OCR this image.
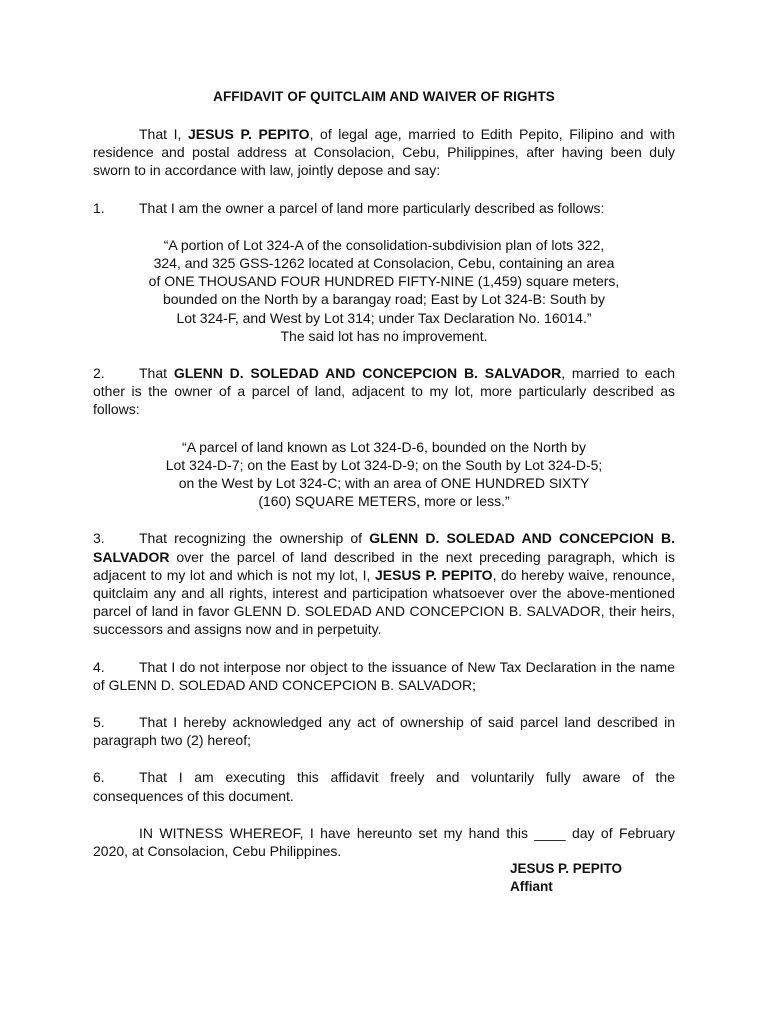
AFFIDAVIT OF QUITCLAIM AND WAIVER OF RIGHTS

That I, JESUS P. PEPITO, of legal age, married to Edith Pepito, Filipino and with residence and postal address at Consolacion, Cebu, Philippines, after having been duly sworn to in accordance with law, jointly depose and say:

1. That I am the owner a parcel of land more particularly described as follows:

“A portion of Lot 324-A of the consolidation-subdivision plan of lots 322,
324, and 325 GSS-1262 located at Consolacion, Cebu, containing an area
of ONE THOUSAND FOUR HUNDRED FIFTY-NINE (1,459) square meters,
bounded on the North by a barangay road; East by Lot 324-B: South by
Lot 324-F, and West by Lot 314; under Tax Declaration No. 16014.”
The said lot has no improvement.

2. That GLENN D. SOLEDAD AND CONCEPCION B. SALVADOR, married to each other is the owner of a parcel of land, adjacent to my lot, more particularly described as follows:

“A parcel of land known as Lot 324-D-6, bounded on the North by
Lot 324-D-7; on the East by Lot 324-D-9; on the South by Lot 324-D-5;
on the West by Lot 324-C; with an area of ONE HUNDRED SIXTY
(160) SQUARE METERS, more or less.”

3. That recognizing the ownership of GLENN D. SOLEDAD AND CONCEPCION B. SALVADOR over the parcel of land described in the next preceding paragraph, which is adjacent to my lot and which is not my lot, I, JESUS P. PEPITO, do hereby waive, renounce, quitclaim any and all rights, interest and participation whatsoever over the above-mentioned parcel of land in favor GLENN D. SOLEDAD AND CONCEPCION B. SALVADOR, their heirs, successors and assigns now and in perpetuity.

4. That I do not interpose nor object to the issuance of New Tax Declaration in the name of GLENN D. SOLEDAD AND CONCEPCION B. SALVADOR;

5. That I hereby acknowledged any act of ownership of said parcel land described in paragraph two (2) hereof;

6. That I am executing this affidavit freely and voluntarily fully aware of the consequences of this document.

IN WITNESS WHEREOF, I have hereunto set my hand this ____ day of February 2020, at Consolacion, Cebu Philippines.

JESUS P. PEPITO
Affiant
